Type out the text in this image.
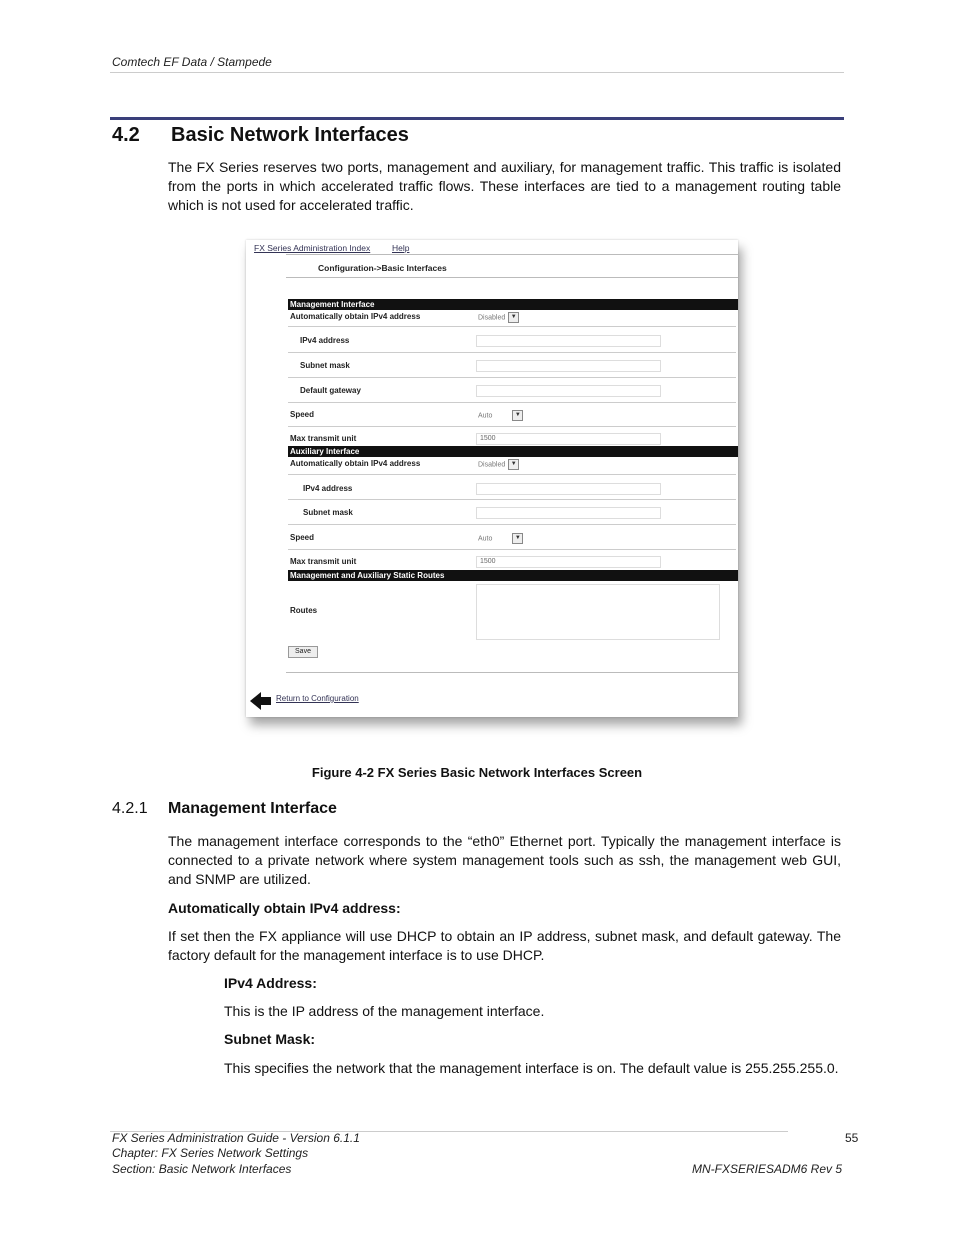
Comtech EF Data / Stampede
4.2 Basic Network Interfaces
The FX Series reserves two ports, management and auxiliary, for management traffic. This traffic is isolated from the ports in which accelerated traffic flows. These interfaces are tied to a management routing table which is not used for accelerated traffic.
FX Series Administration Index	Help
Configuration->Basic Interfaces
Management Interface
Automatically obtain IPv4 address	Disabled ▼
IPv4 address
Subnet mask
Default gateway
Speed	Auto	▼
Max transmit unit	1500
Auxiliary Interface
Automatically obtain IPv4 address	Disabled ▼
IPv4 address
Subnet mask
Speed	Auto	▼
Max transmit unit	1500
Management and Auxiliary Static Routes
Routes
Save
Return to Configuration
Figure 4-2 FX Series Basic Network Interfaces Screen
4.2.1 Management Interface
The management interface corresponds to the “eth0” Ethernet port. Typically the management interface is connected to a private network where system management tools such as ssh, the management web GUI, and SNMP are utilized.
Automatically obtain IPv4 address:
If set then the FX appliance will use DHCP to obtain an IP address, subnet mask, and default gateway. The factory default for the management interface is to use DHCP.
IPv4 Address:
This is the IP address of the management interface.
Subnet Mask:
This specifies the network that the management interface is on. The default value is 255.255.255.0.
FX Series Administration Guide - Version 6.1.1
Chapter: FX Series Network Settings
Section: Basic Network Interfaces
55
MN-FXSERIESADM6 Rev 5
